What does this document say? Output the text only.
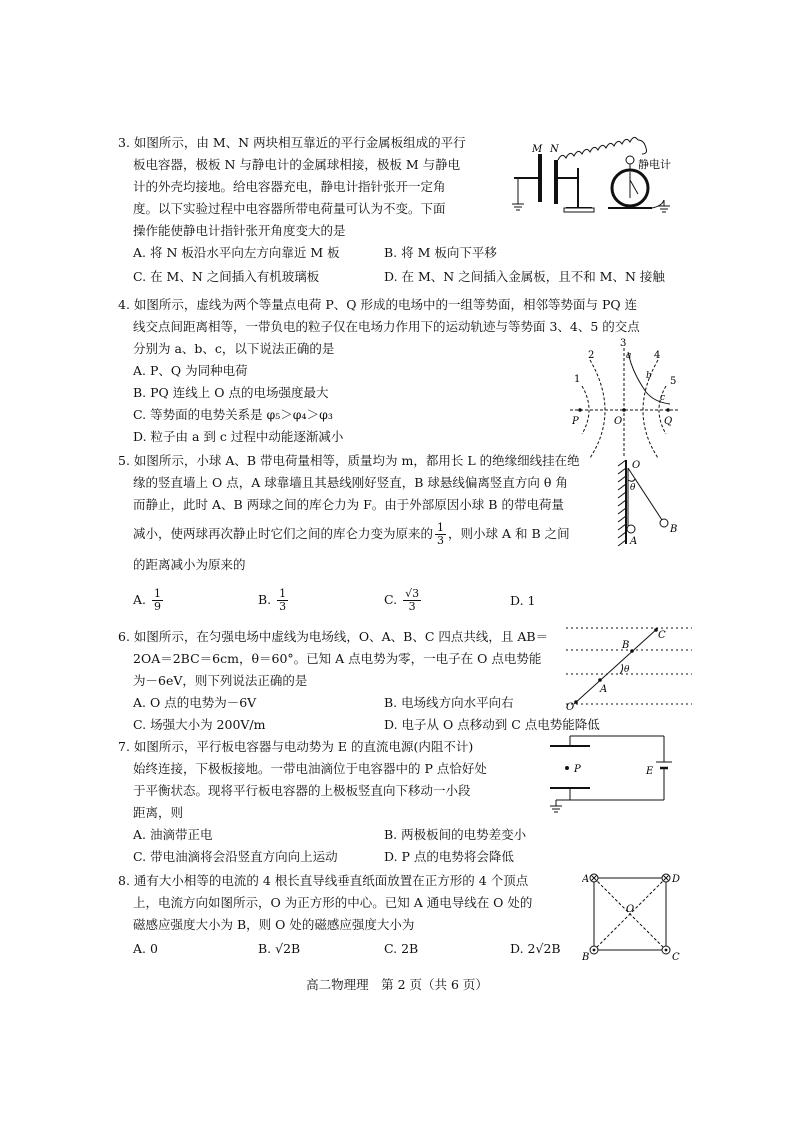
3. 如图所示，由 M、N 两块相互靠近的平行金属板组成的平行
板电容器，极板 N 与静电计的金属球相接，极板 M 与静电
计的外壳均接地。给电容器充电，静电计指针张开一定角
度。以下实验过程中电容器所带电荷量可认为不变。下面
操作能使静电计指针张开角度变大的是
A. 将 N 板沿水平向左方向靠近 M 板	B. 将 M 板向下平移
C. 在 M、N 之间插入有机玻璃板	D. 在 M、N 之间插入金属板，且不和 M、N 接触
M N
静电计
4. 如图所示，虚线为两个等量点电荷 P、Q 形成的电场中的一组等势面，相邻等势面与 PQ 连
线交点间距离相等，一带负电的粒子仅在电场力作用下的运动轨迹与等势面 3、4、5 的交点
分别为 a、b、c，以下说法正确的是
A. P、Q 为同种电荷
B. PQ 连线上 O 点的电场强度最大
C. 等势面的电势关系是 φ₅＞φ₄＞φ₃
D. 粒子由 a 到 c 过程中动能逐渐减小
1
2
3
4
5
a
b
c
P	O	Q
5. 如图所示，小球 A、B 带电荷量相等，质量均为 m，都用长 L 的绝缘细线挂在绝
缘的竖直墙上 O 点，A 球靠墙且其悬线刚好竖直，B 球悬线偏离竖直方向 θ 角
而静止，此时 A、B 两球之间的库仑力为 F。由于外部原因小球 B 的带电荷量
减小，使两球再次静止时它们之间的库仑力变为原来的 $\frac{1}{3}$ ，则小球 A 和 B 之间
的距离减小为原来的
A. $\frac{1}{9}$	B. $\frac{1}{3}$	C. $\frac{√3}{3}$	D. 1
O
θ
A
B
6. 如图所示，在匀强电场中虚线为电场线，O、A、B、C 四点共线，且 AB＝
2OA＝2BC＝6cm，θ＝60°。已知 A 点电势为零，一电子在 O 点电势能
为－6eV，则下列说法正确的是
A. O 点的电势为－6V	B. 电场线方向水平向右
C. 场强大小为 200V/m	D. 电子从 O 点移动到 C 点电势能降低
O
A
B
C
θ
7. 如图所示，平行板电容器与电动势为 E 的直流电源(内阻不计)
始终连接，下极板接地。一带电油滴位于电容器中的 P 点恰好处
于平衡状态。现将平行板电容器的上极板竖直向下移动一小段
距离，则
A. 油滴带正电	B. 两极板间的电势差变小
C. 带电油滴将会沿竖直方向向上运动	D. P 点的电势将会降低
P	E
8. 通有大小相等的电流的 4 根长直导线垂直纸面放置在正方形的 4 个顶点
上，电流方向如图所示，O 为正方形的中心。已知 A 通电导线在 O 处的
磁感应强度大小为 B，则 O 处的磁感应强度大小为
A. 0	B. √2B	C. 2B	D. 2√2B
A	D
O
B	C
高二物理理　第 2 页（共 6 页）
